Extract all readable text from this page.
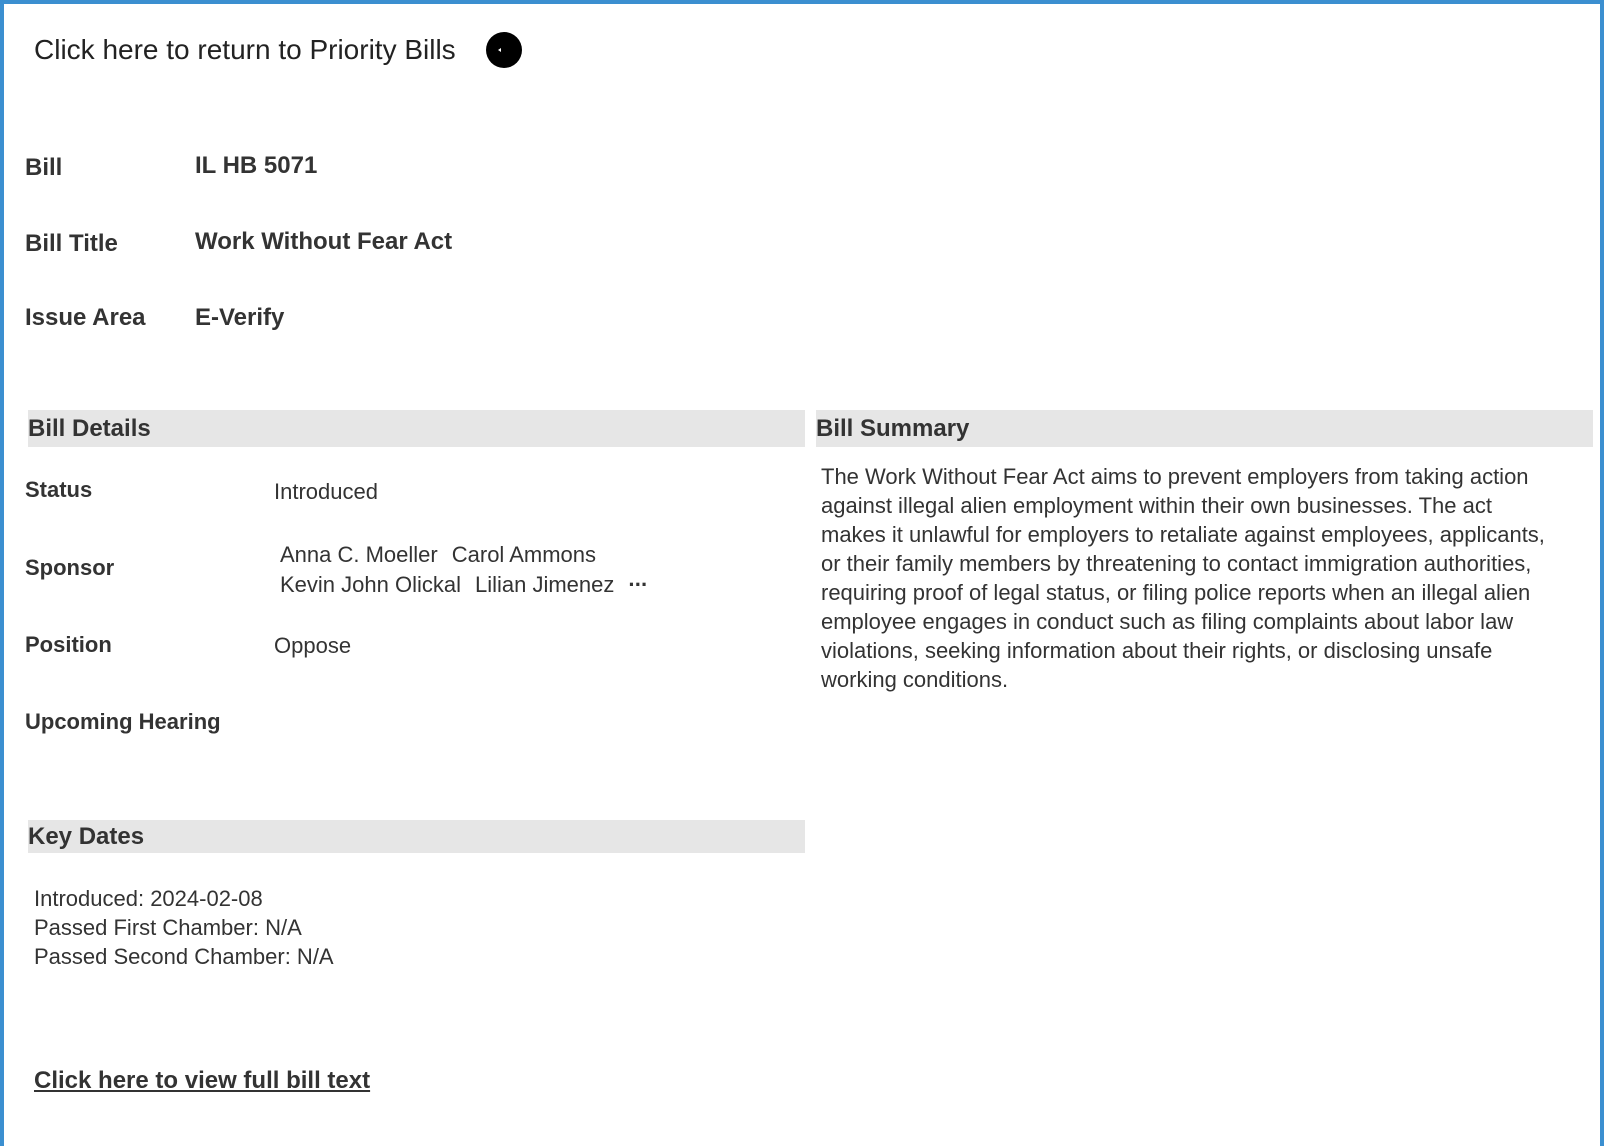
Click here to return to Priority Bills
Bill	IL HB 5071
Bill Title	Work Without Fear Act
Issue Area E-Verify
Bill Details	Bill Summary
Status	Introduced
Sponsor
Anna C. Moeller Carol Ammons
Kevin John Olickal Lilian Jimenez ···
Position	Oppose
Upcoming Hearing
The Work Without Fear Act aims to prevent employers from taking action against illegal alien employment within their own businesses. The act makes it unlawful for employers to retaliate against employees, applicants, or their family members by threatening to contact immigration authorities, requiring proof of legal status, or filing police reports when an illegal alien employee engages in conduct such as filing complaints about labor law violations, seeking information about their rights, or disclosing unsafe working conditions.
Key Dates
Introduced: 2024-02-08
Passed First Chamber: N/A
Passed Second Chamber: N/A
Click here to view full bill text
